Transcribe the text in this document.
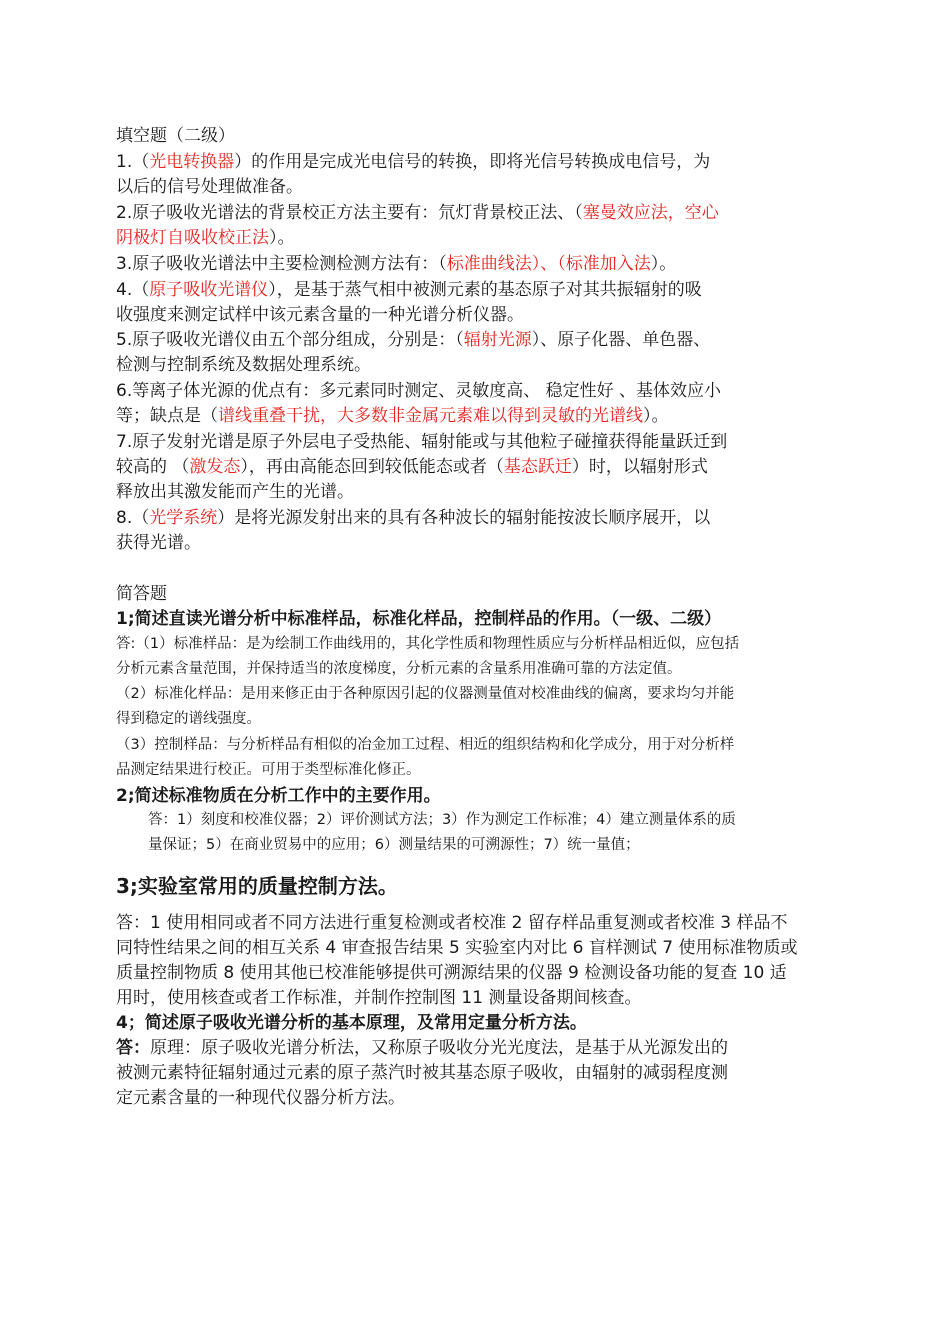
填空题（二级）
1.（光电转换器）的作用是完成光电信号的转换，即将光信号转换成电信号，为
以后的信号处理做准备。
2.原子吸收光谱法的背景校正方法主要有：氘灯背景校正法、（塞曼效应法，空心
阴极灯自吸收校正法）。
3.原子吸收光谱法中主要检测检测方法有：（标准曲线法）、（标准加入法）。
4.（原子吸收光谱仪），是基于蒸气相中被测元素的基态原子对其共振辐射的吸
收强度来测定试样中该元素含量的一种光谱分析仪器。
5.原子吸收光谱仪由五个部分组成，分别是：（辐射光源）、原子化器、单色器、
检测与控制系统及数据处理系统。
6.等离子体光源的优点有：多元素同时测定、灵敏度高、 稳定性好 、基体效应小
等；缺点是（谱线重叠干扰，大多数非金属元素难以得到灵敏的光谱线）。
7.原子发射光谱是原子外层电子受热能、辐射能或与其他粒子碰撞获得能量跃迁到
较高的 （激发态），再由高能态回到较低能态或者（基态跃迁）时，以辐射形式
释放出其激发能而产生的光谱。
8.（光学系统）是将光源发射出来的具有各种波长的辐射能按波长顺序展开，以
获得光谱。
简答题
1;简述直读光谱分析中标准样品，标准化样品，控制样品的作用。（一级、二级）
答:（1）标准样品：是为绘制工作曲线用的，其化学性质和物理性质应与分析样品相近似，应包括
分析元素含量范围，并保持适当的浓度梯度，分析元素的含量系用准确可靠的方法定值。
（2）标准化样品：是用来修正由于各种原因引起的仪器测量值对校准曲线的偏离，要求均匀并能
得到稳定的谱线强度。
（3）控制样品：与分析样品有相似的冶金加工过程、相近的组织结构和化学成分，用于对分析样
品测定结果进行校正。可用于类型标准化修正。
2;简述标准物质在分析工作中的主要作用。
答：1）刻度和校准仪器；2）评价测试方法；3）作为测定工作标准；4）建立测量体系的质
量保证；5）在商业贸易中的应用；6）测量结果的可溯源性；7）统一量值；
3;实验室常用的质量控制方法。
答：1 使用相同或者不同方法进行重复检测或者校准 2 留存样品重复测或者校准 3 样品不
同特性结果之间的相互关系 4 审查报告结果 5 实验室内对比 6 盲样测试 7 使用标准物质或
质量控制物质 8 使用其他已校准能够提供可溯源结果的仪器 9 检测设备功能的复查 10 适
用时，使用核查或者工作标准，并制作控制图 11 测量设备期间核查。
4；简述原子吸收光谱分析的基本原理，及常用定量分析方法。
答：原理：原子吸收光谱分析法，又称原子吸收分光光度法，是基于从光源发出的
被测元素特征辐射通过元素的原子蒸汽时被其基态原子吸收，由辐射的减弱程度测
定元素含量的一种现代仪器分析方法。
